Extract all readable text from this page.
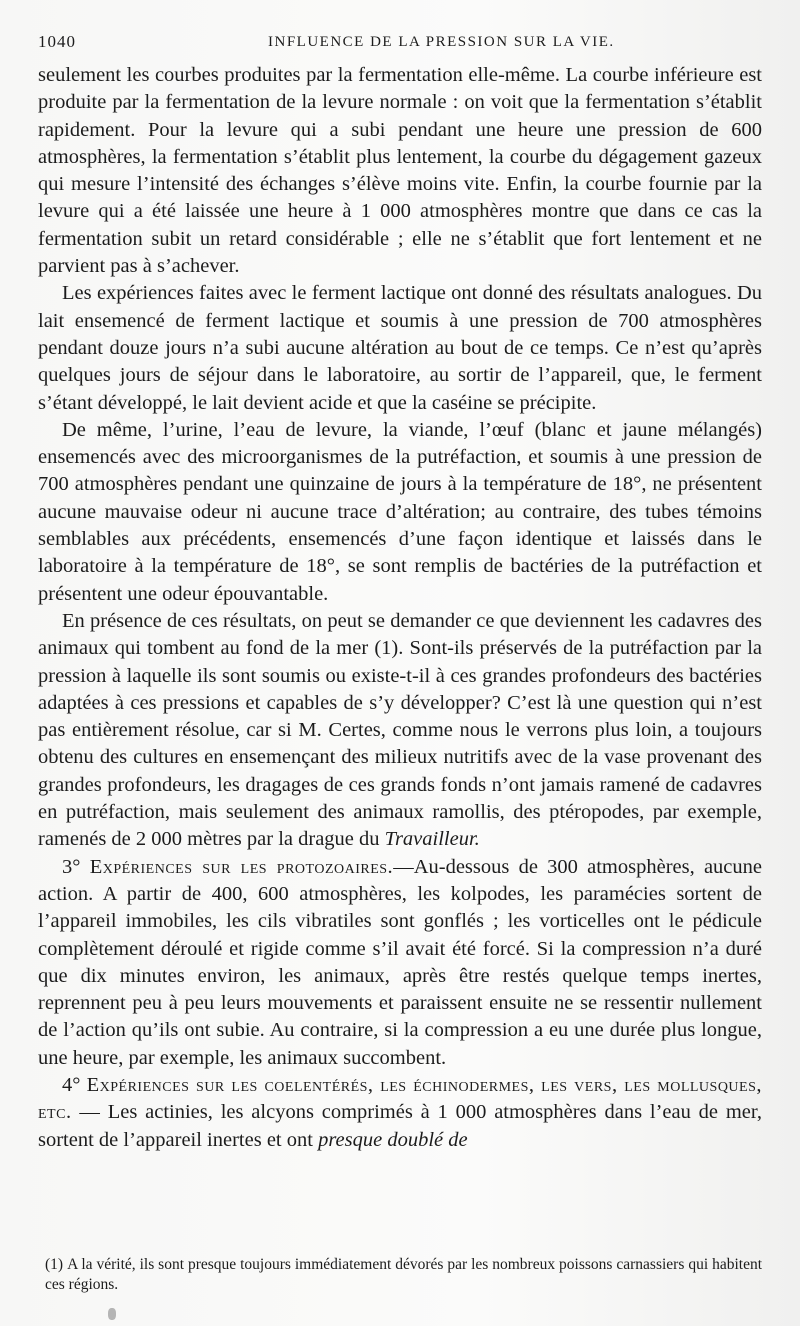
1040	INFLUENCE DE LA PRESSION SUR LA VIE.

seulement les courbes produites par la fermentation elle-même. La courbe inférieure est produite par la fermentation de la levure normale : on voit que la fermentation s’établit rapidement. Pour la levure qui a subi pendant une heure une pression de 600 atmosphères, la fermentation s’établit plus lentement, la courbe du dégagement gazeux qui mesure l’intensité des échanges s’élève moins vite. Enfin, la courbe fournie par la levure qui a été laissée une heure à 1 000 atmosphères montre que dans ce cas la fermentation subit un retard considérable ; elle ne s’établit que fort lentement et ne parvient pas à s’achever.

Les expériences faites avec le ferment lactique ont donné des résultats analogues. Du lait ensemencé de ferment lactique et soumis à une pression de 700 atmosphères pendant douze jours n’a subi aucune altération au bout de ce temps. Ce n’est qu’après quelques jours de séjour dans le laboratoire, au sortir de l’appareil, que, le ferment s’étant développé, le lait devient acide et que la caséine se précipite.

De même, l’urine, l’eau de levure, la viande, l’œuf (blanc et jaune mélangés) ensemencés avec des microorganismes de la putréfaction, et soumis à une pression de 700 atmosphères pendant une quinzaine de jours à la température de 18°, ne présentent aucune mauvaise odeur ni aucune trace d’altération; au contraire, des tubes témoins semblables aux précédents, ensemencés d’une façon identique et laissés dans le laboratoire à la température de 18°, se sont remplis de bactéries de la putréfaction et présentent une odeur épouvantable.

En présence de ces résultats, on peut se demander ce que deviennent les cadavres des animaux qui tombent au fond de la mer (1). Sont-ils préservés de la putréfaction par la pression à laquelle ils sont soumis ou existe-t-il à ces grandes profondeurs des bactéries adaptées à ces pressions et capables de s’y développer? C’est là une question qui n’est pas entièrement résolue, car si M. Certes, comme nous le verrons plus loin, a toujours obtenu des cultures en ensemençant des milieux nutritifs avec de la vase provenant des grandes profondeurs, les dragages de ces grands fonds n’ont jamais ramené de cadavres en putréfaction, mais seulement des animaux ramollis, des ptéropodes, par exemple, ramenés de 2 000 mètres par la drague du Travailleur.

3° Expériences sur les protozoaires.—Au-dessous de 300 atmosphères, aucune action. A partir de 400, 600 atmosphères, les kolpodes, les paramécies sortent de l’appareil immobiles, les cils vibratiles sont gonflés ; les vorticelles ont le pédicule complètement déroulé et rigide comme s’il avait été forcé. Si la compression n’a duré que dix minutes environ, les animaux, après être restés quelque temps inertes, reprennent peu à peu leurs mouvements et paraissent ensuite ne se ressentir nullement de l’action qu’ils ont subie. Au contraire, si la compression a eu une durée plus longue, une heure, par exemple, les animaux succombent.

4° Expériences sur les coelentérés, les échinodermes, les vers, les mollusques, etc. — Les actinies, les alcyons comprimés à 1 000 atmosphères dans l’eau de mer, sortent de l’appareil inertes et ont presque doublé de

(1) A la vérité, ils sont presque toujours immédiatement dévorés par les nombreux poissons carnassiers qui habitent ces régions.
